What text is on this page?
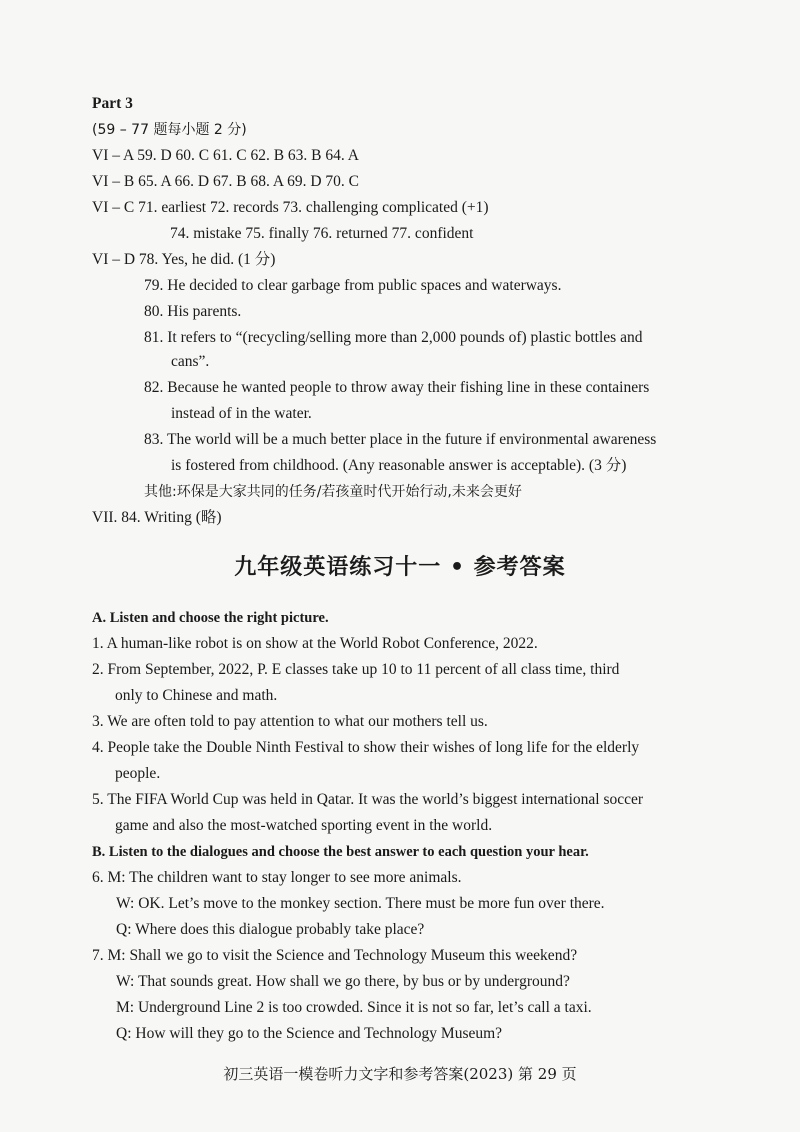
Part 3
(59 – 77 题每小题 2 分)
VI – A 59. D 60. C 61. C 62. B 63. B 64. A
VI – B 65. A 66. D 67. B 68. A 69. D 70. C
VI – C 71. earliest 72. records 73. challenging complicated (+1)
74. mistake 75. finally 76. returned 77. confident
VI – D 78. Yes, he did. (1 分)
79. He decided to clear garbage from public spaces and waterways.
80. His parents.
81. It refers to “(recycling/selling more than 2,000 pounds of) plastic bottles and
cans”.
82. Because he wanted people to throw away their fishing line in these containers
instead of in the water.
83. The world will be a much better place in the future if environmental awareness
is fostered from childhood. (Any reasonable answer is acceptable). (3 分)
其他:环保是大家共同的任务/若孩童时代开始行动,未来会更好
VII. 84. Writing (略)
九年级英语练习十一 • 参考答案
A. Listen and choose the right picture.
1. A human-like robot is on show at the World Robot Conference, 2022.
2. From September, 2022, P. E classes take up 10 to 11 percent of all class time, third
only to Chinese and math.
3. We are often told to pay attention to what our mothers tell us.
4. People take the Double Ninth Festival to show their wishes of long life for the elderly
people.
5. The FIFA World Cup was held in Qatar. It was the world’s biggest international soccer
game and also the most-watched sporting event in the world.
B. Listen to the dialogues and choose the best answer to each question your hear.
6. M: The children want to stay longer to see more animals.
W: OK. Let’s move to the monkey section. There must be more fun over there.
Q: Where does this dialogue probably take place?
7. M: Shall we go to visit the Science and Technology Museum this weekend?
W: That sounds great. How shall we go there, by bus or by underground?
M: Underground Line 2 is too crowded. Since it is not so far, let’s call a taxi.
Q: How will they go to the Science and Technology Museum?
初三英语一模卷听力文字和参考答案(2023) 第 29 页
